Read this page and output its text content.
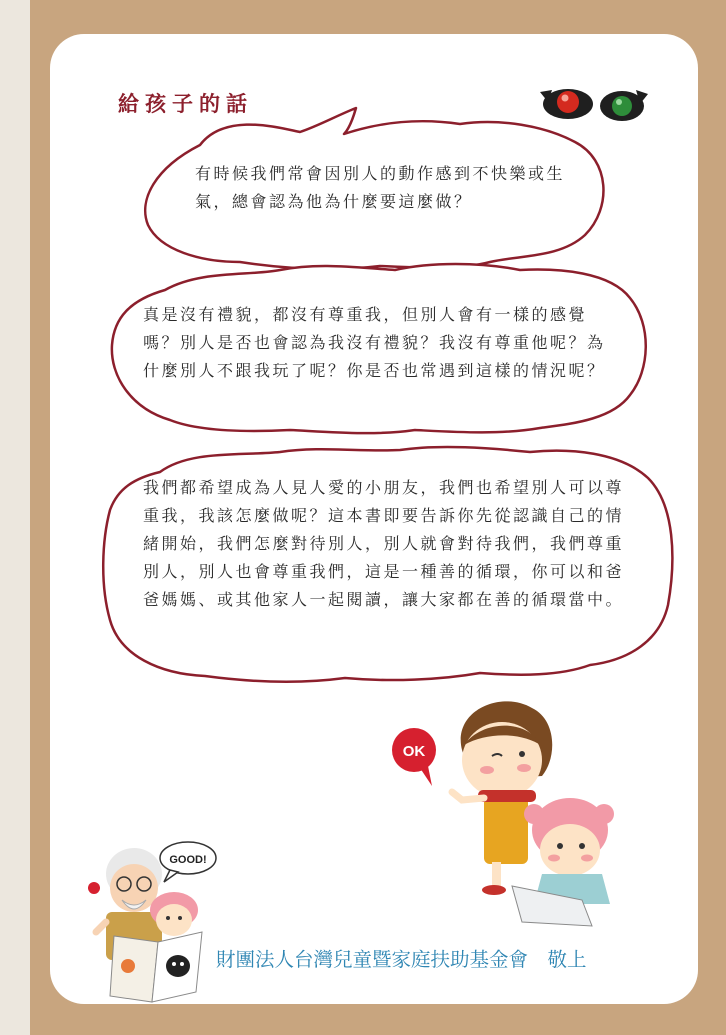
給孩子的話

有時候我們常會因別人的動作感到不快樂或生氣，總會認為他為什麼要這麼做？

真是沒有禮貌，都沒有尊重我，但別人會有一樣的感覺嗎？別人是否也會認為我沒有禮貌？我沒有尊重他呢？為什麼別人不跟我玩了呢？你是否也常遇到這樣的情況呢？

我們都希望成為人見人愛的小朋友，我們也希望別人可以尊重我，我該怎麼做呢？這本書即要告訴你先從認識自己的情緒開始，我們怎麼對待別人，別人就會對待我們，我們尊重別人，別人也會尊重我們，這是一種善的循環，你可以和爸爸媽媽、或其他家人一起閱讀，讓大家都在善的循環當中。

OK
GOOD!

財團法人台灣兒童暨家庭扶助基金會　敬上
